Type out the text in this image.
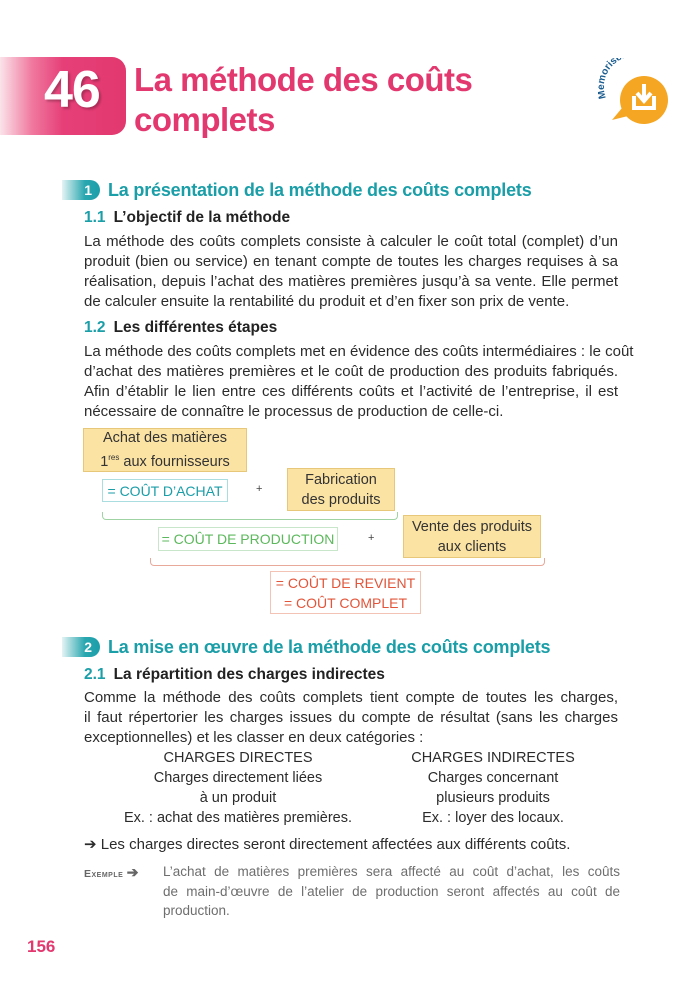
46 La méthode des coûts
complets
oris
1 La présentation de la méthode des coûts complets
1.1 L’objectif de la méthode
La méthode des coûts complets consiste à calculer le coût total (complet) d’un
produit (bien ou service) en tenant compte de toutes les charges requises à sa
réalisation, depuis l’achat des matières premières jusqu’à sa vente. Elle permet
de calculer ensuite la rentabilité du produit et d’en fixer son prix de vente.
1.2 Les différentes étapes
La méthode des coûts complets met en évidence des coûts intermédiaires : le coût
d’achat des matières premières et le coût de production des produits fabriqués.
Afin d’établir le lien entre ces différents coûts et l’activité de l’entreprise, il est
nécessaire de connaître le processus de production de celle-ci.
Achat des matières
1res aux fournisseurs
= COÛT D’ACHAT	+
Fabrication
des produits
= COÛT DE PRODUCTION	+
Vente des produits
aux clients
= COÛT DE REVIENT
= COÛT COMPLET
2 La mise en œuvre de la méthode des coûts complets
2.1 La répartition des charges indirectes
Comme la méthode des coûts complets tient compte de toutes les charges,
il faut répertorier les charges issues du compte de résultat (sans les charges
exceptionnelles) et les classer en deux catégories :
CHARGES DIRECTES
Charges directement liées
à un produit
Ex. : achat des matières premières.
CHARGES INDIRECTES
Charges concernant
plusieurs produits
Ex. : loyer des locaux.
➔ Les charges directes seront directement affectées aux différents coûts.
Exemple ➔ L’achat de matières premières sera affecté au coût d’achat, les coûts
de main-d’œuvre de l’atelier de production seront affectés au coût de
production.
156
